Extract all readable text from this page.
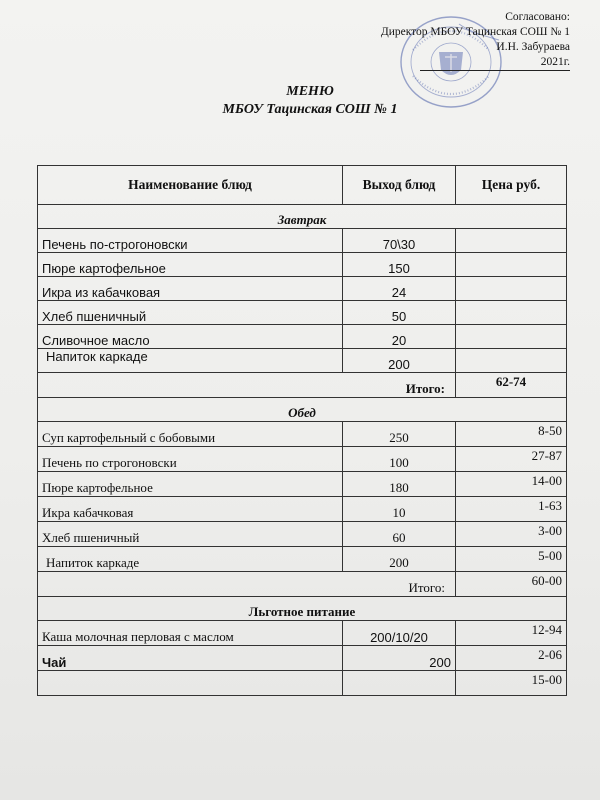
Согласовано:
Директор МБОУ Тацинская СОШ № 1
И.Н. Забураева
2021г.
МЕНЮ
МБОУ Тацинская СОШ № 1
Наименование блюд	Выход блюд	Цена руб.
Завтрак		
Печень по-строгоновски	70\30	
Пюре картофельное	150	
Икра из кабачковая	24	
Хлеб пшеничный	50	
Сливочное масло	20	
Напиток каркаде	200	
Итого:		62-74
Обед		
Суп картофельный с бобовыми	250	8-50
Печень по строгоновски	100	27-87
Пюре картофельное	180	14-00
Икра кабачковая	10	1-63
Хлеб пшеничный	60	3-00
Напиток каркаде	200	5-00
Итого:		60-00
Льготное питание		
Каша молочная перловая с маслом	200/10/20	12-94
Чай	200	2-06
		15-00
